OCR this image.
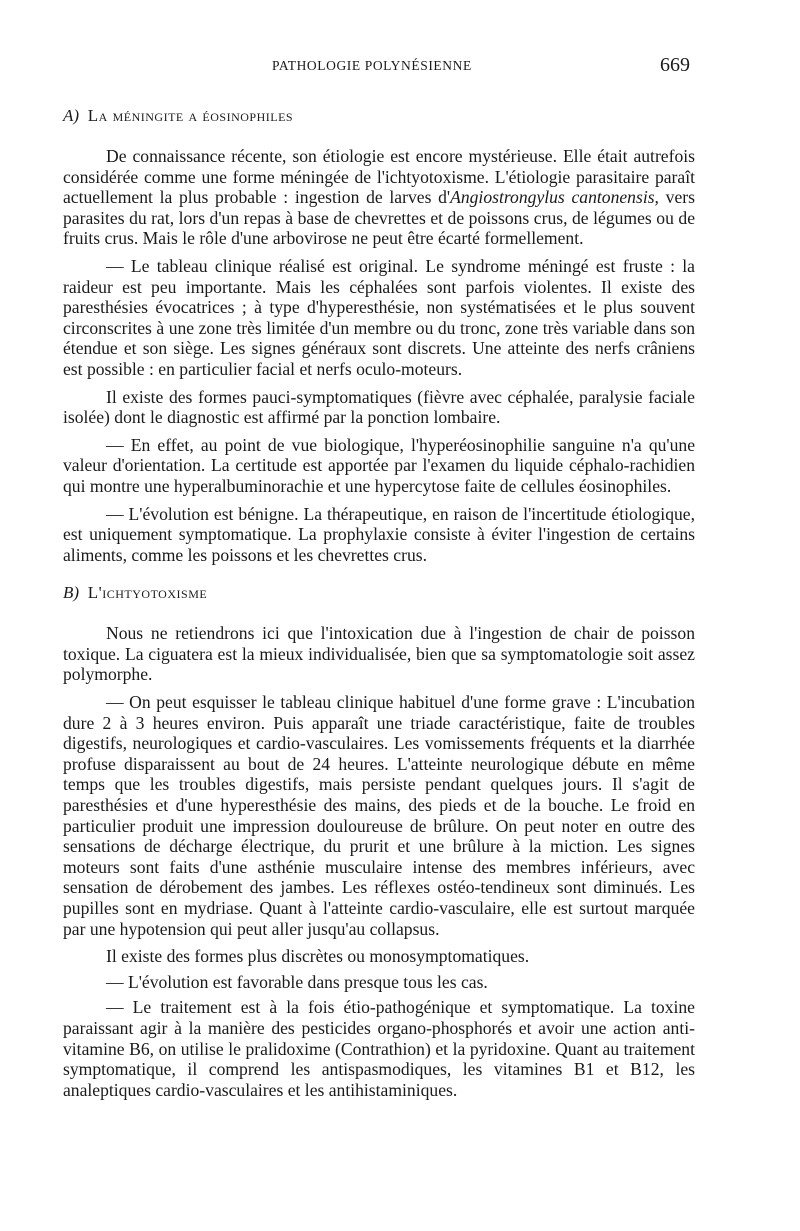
PATHOLOGIE POLYNÉSIENNE	669
A) La méningite a éosinophiles

De connaissance récente, son étiologie est encore mystérieuse. Elle était autrefois considérée comme une forme méningée de l'ichtyotoxisme. L'étiologie parasitaire paraît actuellement la plus probable : ingestion de larves d'Angiostrongylus cantonensis, vers parasites du rat, lors d'un repas à base de chevrettes et de poissons crus, de légumes ou de fruits crus. Mais le rôle d'une arbovirose ne peut être écarté formellement.

— Le tableau clinique réalisé est original. Le syndrome méningé est fruste : la raideur est peu importante. Mais les céphalées sont parfois violentes. Il existe des paresthésies évocatrices ; à type d'hyperesthésie, non systématisées et le plus souvent circonscrites à une zone très limitée d'un membre ou du tronc, zone très variable dans son étendue et son siège. Les signes généraux sont discrets. Une atteinte des nerfs crâniens est possible : en particulier facial et nerfs oculo-moteurs.

Il existe des formes pauci-symptomatiques (fièvre avec céphalée, paralysie faciale isolée) dont le diagnostic est affirmé par la ponction lombaire.

— En effet, au point de vue biologique, l'hyperéosinophilie sanguine n'a qu'une valeur d'orientation. La certitude est apportée par l'examen du liquide céphalo-rachidien qui montre une hyperalbuminorachie et une hypercytose faite de cellules éosinophiles.

— L'évolution est bénigne. La thérapeutique, en raison de l'incertitude étiologique, est uniquement symptomatique. La prophylaxie consiste à éviter l'ingestion de certains aliments, comme les poissons et les chevrettes crus.

B) L'ichtyotoxisme

Nous ne retiendrons ici que l'intoxication due à l'ingestion de chair de poisson toxique. La ciguatera est la mieux individualisée, bien que sa symptomatologie soit assez polymorphe.

— On peut esquisser le tableau clinique habituel d'une forme grave : L'incubation dure 2 à 3 heures environ. Puis apparaît une triade caractéristique, faite de troubles digestifs, neurologiques et cardio-vasculaires. Les vomissements fréquents et la diarrhée profuse disparaissent au bout de 24 heures. L'atteinte neurologique débute en même temps que les troubles digestifs, mais persiste pendant quelques jours. Il s'agit de paresthésies et d'une hyperesthésie des mains, des pieds et de la bouche. Le froid en particulier produit une impression douloureuse de brûlure. On peut noter en outre des sensations de décharge électrique, du prurit et une brûlure à la miction. Les signes moteurs sont faits d'une asthénie musculaire intense des membres inférieurs, avec sensation de dérobement des jambes. Les réflexes ostéo-tendineux sont diminués. Les pupilles sont en mydriase. Quant à l'atteinte cardio-vasculaire, elle est surtout marquée par une hypotension qui peut aller jusqu'au collapsus.

Il existe des formes plus discrètes ou monosymptomatiques.

— L'évolution est favorable dans presque tous les cas.

— Le traitement est à la fois étio-pathogénique et symptomatique. La toxine paraissant agir à la manière des pesticides organo-phosphorés et avoir une action anti-vitamine B6, on utilise le pralidoxime (Contrathion) et la pyridoxine. Quant au traitement symptomatique, il comprend les antispasmodiques, les vitamines B1 et B12, les analeptiques cardio-vasculaires et les antihistaminiques.
